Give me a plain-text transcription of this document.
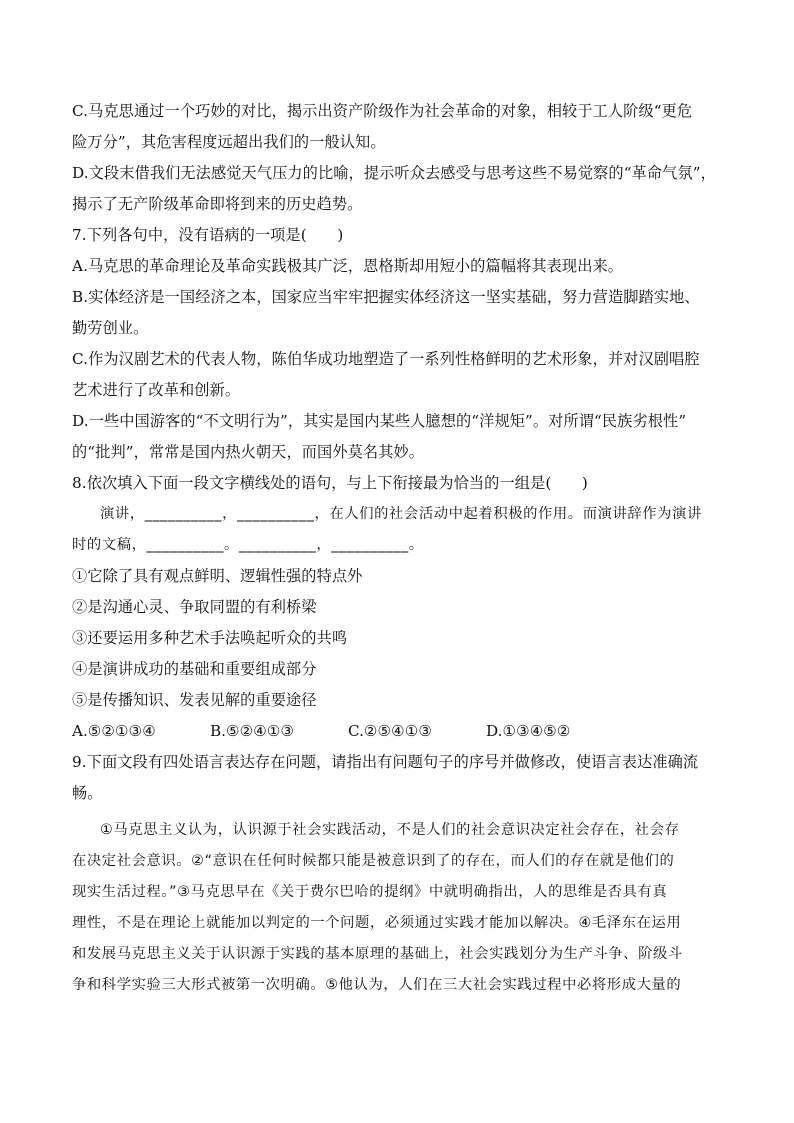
C.马克思通过一个巧妙的对比，揭示出资产阶级作为社会革命的对象，相较于工人阶级“更危
险万分”，其危害程度远超出我们的一般认知。
D.文段末借我们无法感觉天气压力的比喻，提示听众去感受与思考这些不易觉察的“革命气氛”，
揭示了无产阶级革命即将到来的历史趋势。
7.下列各句中，没有语病的一项是(　　)
A.马克思的革命理论及革命实践极其广泛，恩格斯却用短小的篇幅将其表现出来。
B.实体经济是一国经济之本，国家应当牢牢把握实体经济这一坚实基础，努力营造脚踏实地、
勤劳创业。
C.作为汉剧艺术的代表人物，陈伯华成功地塑造了一系列性格鲜明的艺术形象，并对汉剧唱腔
艺术进行了改革和创新。
D.一些中国游客的“不文明行为”，其实是国内某些人臆想的“洋规矩”。对所谓“民族劣根性”
的“批判”，常常是国内热火朝天，而国外莫名其妙。
8.依次填入下面一段文字横线处的语句，与上下衔接最为恰当的一组是(　　)
演讲，__________，__________，在人们的社会活动中起着积极的作用。而演讲辞作为演讲
时的文稿，__________。__________，__________。
①它除了具有观点鲜明、逻辑性强的特点外
②是沟通心灵、争取同盟的有利桥梁
③还要运用多种艺术手法唤起听众的共鸣
④是演讲成功的基础和重要组成部分
⑤是传播知识、发表见解的重要途径
A.⑤②①③④	B.⑤②④①③	C.②⑤④①③	D.①③④⑤②
9.下面文段有四处语言表达存在问题，请指出有问题句子的序号并做修改，使语言表达准确流
畅。
①马克思主义认为，认识源于社会实践活动，不是人们的社会意识决定社会存在，社会存
在决定社会意识。②“意识在任何时候都只能是被意识到了的存在，而人们的存在就是他们的
现实生活过程。”③马克思早在《关于费尔巴哈的提纲》中就明确指出，人的思维是否具有真
理性，不是在理论上就能加以判定的一个问题，必须通过实践才能加以解决。④毛泽东在运用
和发展马克思主义关于认识源于实践的基本原理的基础上，社会实践划分为生产斗争、阶级斗
争和科学实验三大形式被第一次明确。⑤他认为，人们在三大社会实践过程中必将形成大量的
